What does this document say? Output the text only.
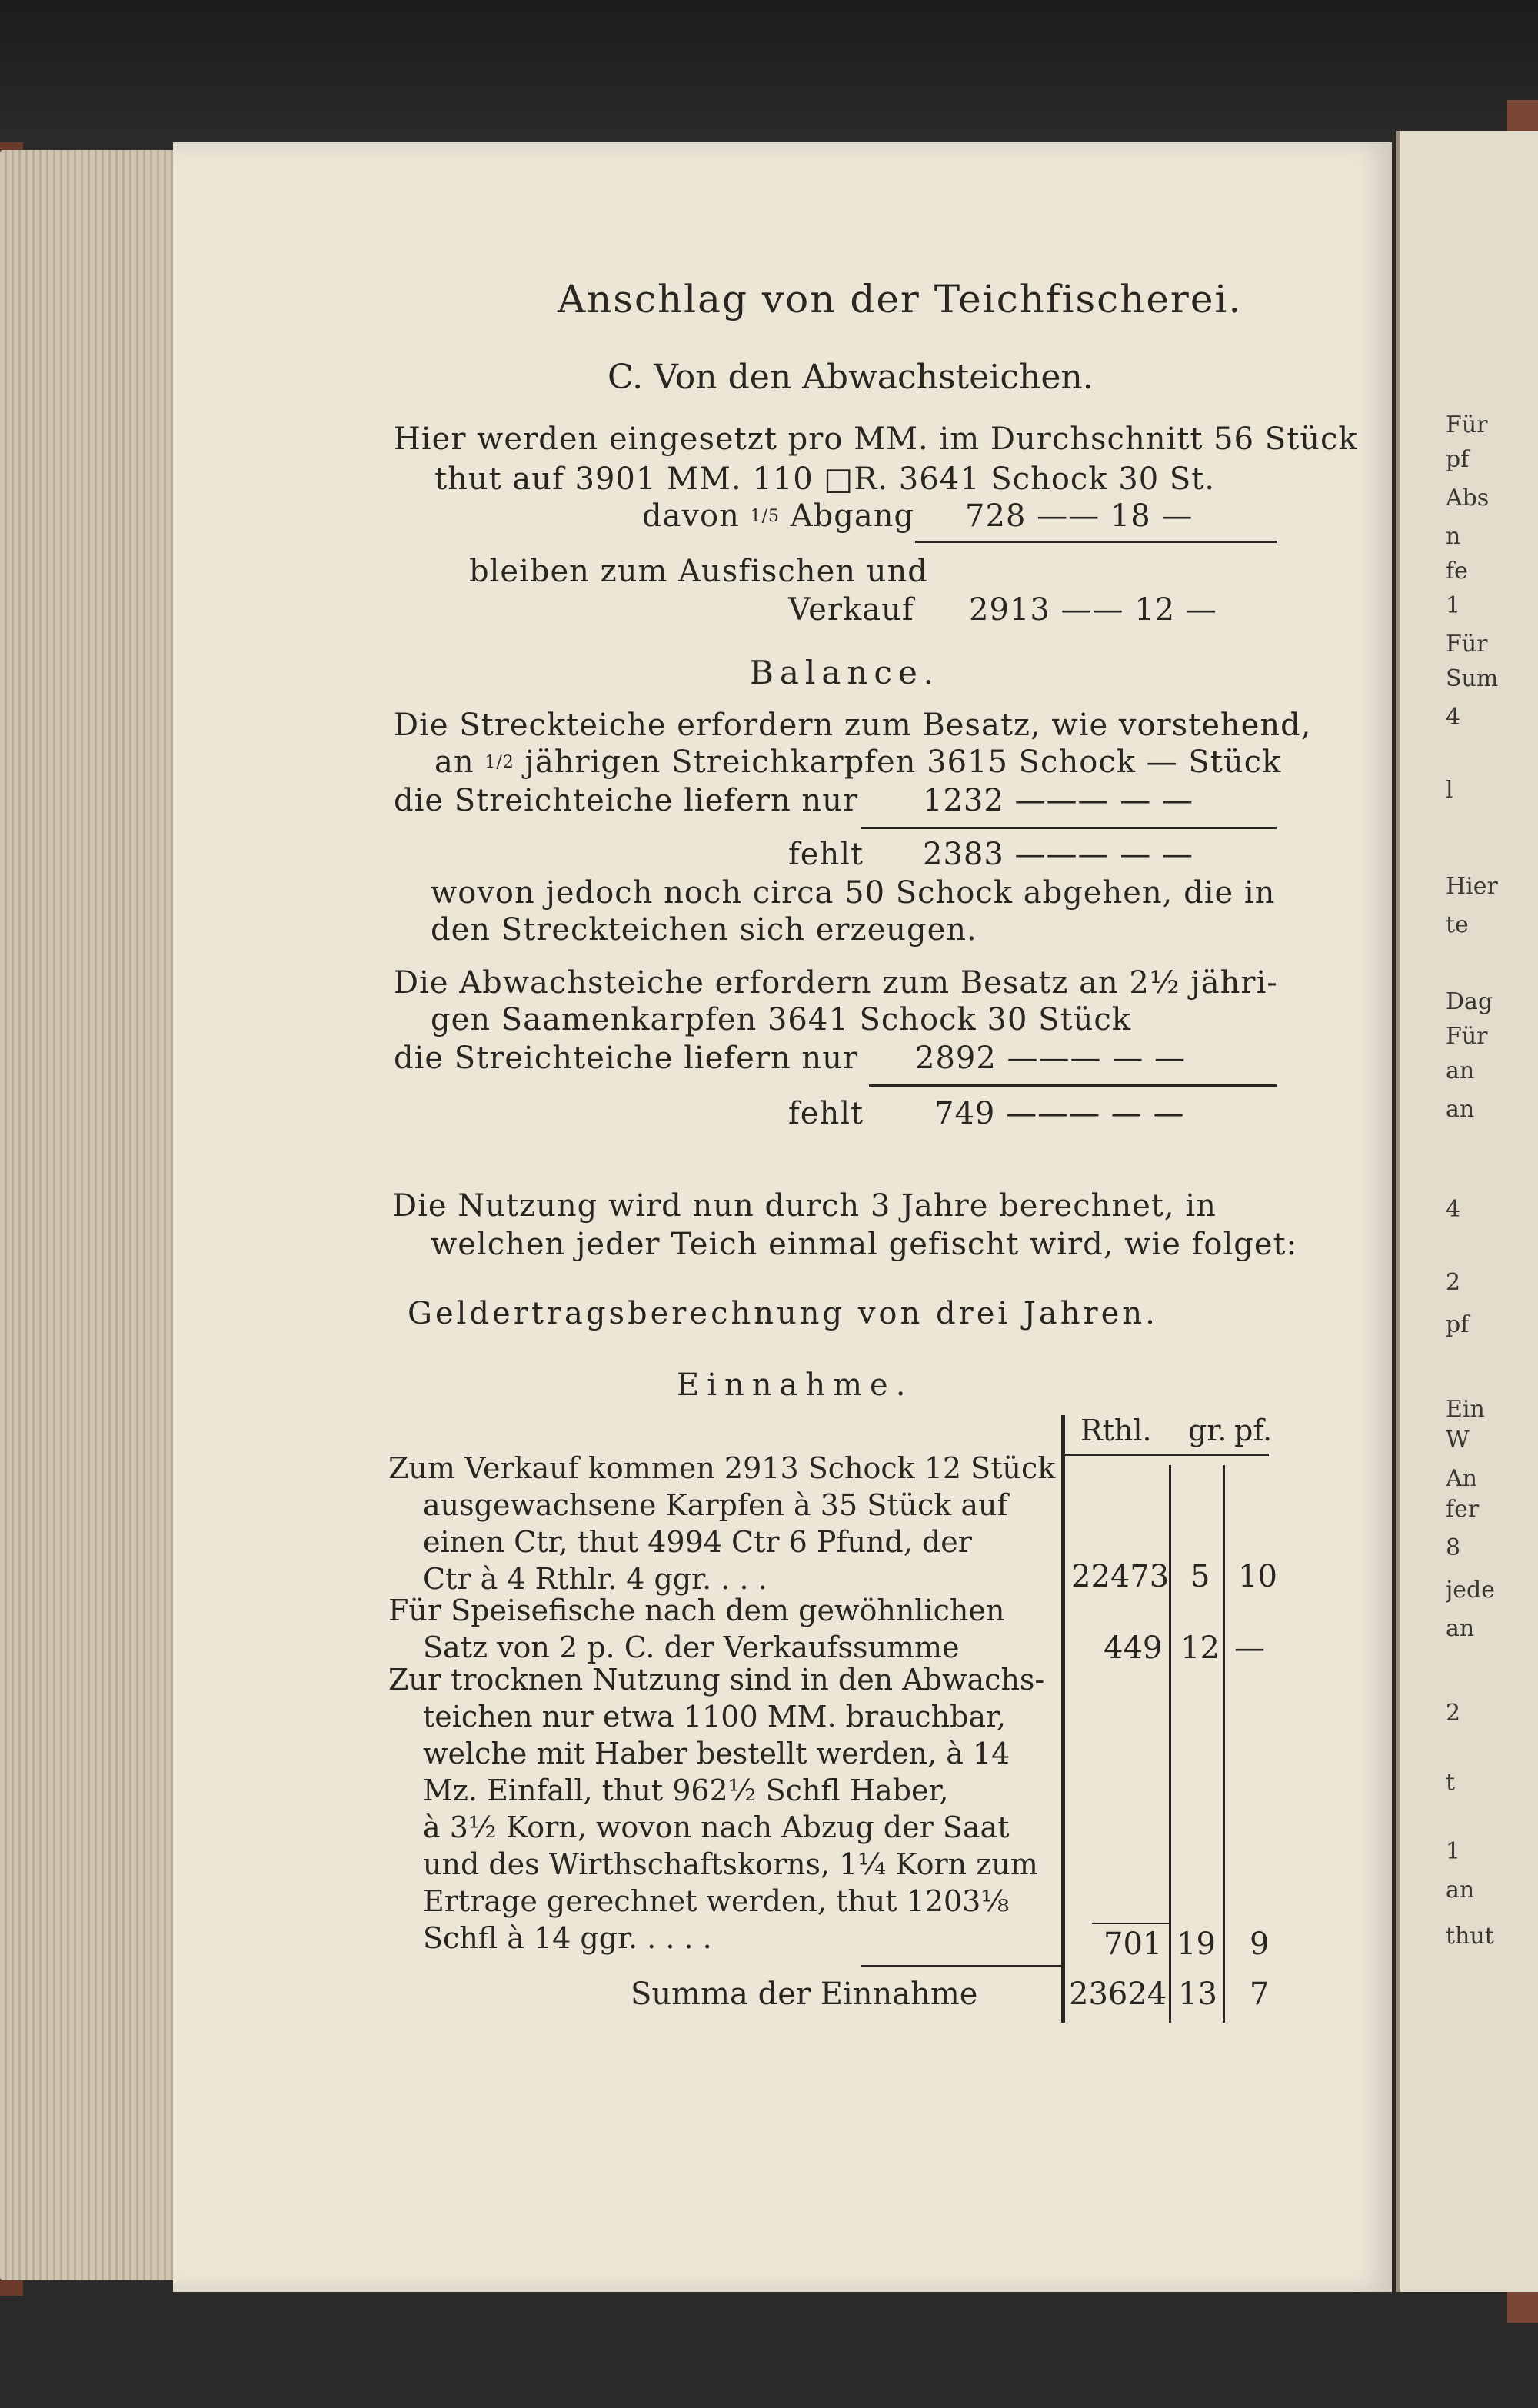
Für
pf
Abs
n
fe
1
Für
Sum
4
l
Hier
te
Dag
Für
an
an
4
2
pf
Ein
W
An
fer
8
jede
an
2
t
1
an
thut
Anschlag von der Teichfischerei.
C. Von den Abwachsteichen.
Hier werden eingesetzt pro MM. im Durchschnitt 56 Stück
thut auf 3901 MM. 110 □R. 3641 Schock 30 St.
davon 1/5 Abgang 728 —— 18 —
bleiben zum Ausfischen und
Verkauf 2913 —— 12 —
Balance.
Die Streckteiche erfordern zum Besatz, wie vorstehend,
an 1/2 jährigen Streichkarpfen 3615 Schock — Stück
die Streichteiche liefern nur 1232 ——— — —
fehlt 2383 ——— — —
wovon jedoch noch circa 50 Schock abgehen, die in
den Streckteichen sich erzeugen.
Die Abwachsteiche erfordern zum Besatz an 2½ jähri-
gen Saamenkarpfen 3641 Schock 30 Stück
die Streichteiche liefern nur 2892 ——— — —
fehlt 749 ——— — —
Die Nutzung wird nun durch 3 Jahre berechnet, in
welchen jeder Teich einmal gefischt wird, wie folget:
Geldertragsberechnung von drei Jahren.
Einnahme.
Rthl. gr. pf.
Zum Verkauf kommen 2913 Schock 12 Stück
ausgewachsene Karpfen à 35 Stück auf
einen Ctr, thut 4994 Ctr 6 Pfund, der
Ctr à 4 Rthlr. 4 ggr. . . .	22473 5 10
Für Speisefische nach dem gewöhnlichen
Satz von 2 p. C. der Verkaufssumme	449 12 —
Zur trocknen Nutzung sind in den Abwachs-
teichen nur etwa 1100 MM. brauchbar,
welche mit Haber bestellt werden, à 14
Mz. Einfall, thut 962½ Schfl Haber,
à 3½ Korn, wovon nach Abzug der Saat
und des Wirthschaftskorns, 1¼ Korn zum
Ertrage gerechnet werden, thut 1203⅛
Schfl à 14 ggr. . . . .	701 19 9
Summa der Einnahme	23624 13 7
